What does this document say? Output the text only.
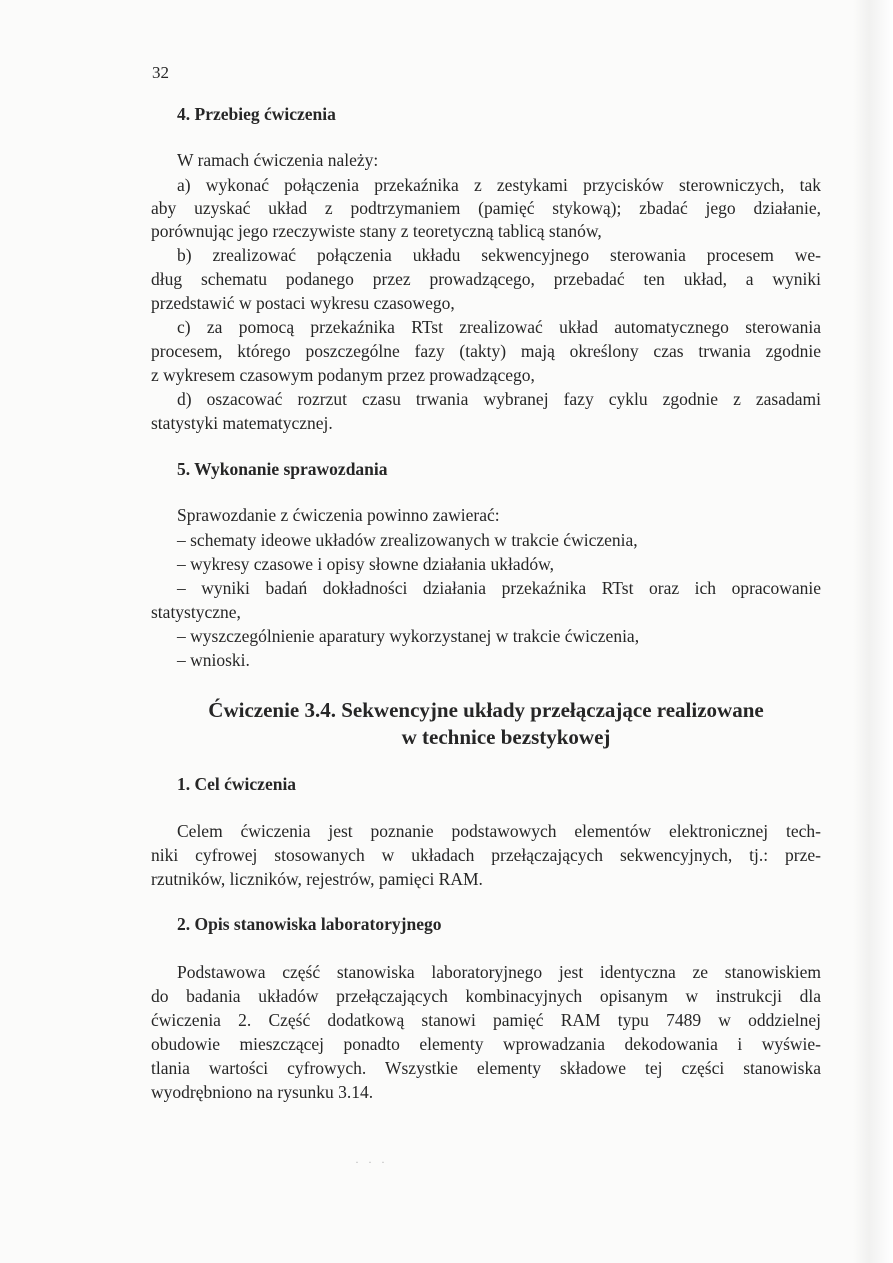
32
4. Przebieg ćwiczenia

W ramach ćwiczenia należy:

a) wykonać połączenia przekaźnika z zestykami przycisków sterowniczych, tak

aby uzyskać układ z podtrzymaniem (pamięć stykową); zbadać jego działanie,

porównując jego rzeczywiste stany z teoretyczną tablicą stanów,

b) zrealizować połączenia układu sekwencyjnego sterowania procesem we-

dług schematu podanego przez prowadzącego, przebadać ten układ, a wyniki

przedstawić w postaci wykresu czasowego,

c) za pomocą przekaźnika RTst zrealizować układ automatycznego sterowania

procesem, którego poszczególne fazy (takty) mają określony czas trwania zgodnie

z wykresem czasowym podanym przez prowadzącego,

d) oszacować rozrzut czasu trwania wybranej fazy cyklu zgodnie z zasadami

statystyki matematycznej.

5. Wykonanie sprawozdania

Sprawozdanie z ćwiczenia powinno zawierać:

– schematy ideowe układów zrealizowanych w trakcie ćwiczenia,

– wykresy czasowe i opisy słowne działania układów,

– wyniki badań dokładności działania przekaźnika RTst oraz ich opracowanie

statystyczne,

– wyszczególnienie aparatury wykorzystanej w trakcie ćwiczenia,

– wnioski.

Ćwiczenie 3.4. Sekwencyjne układy przełączające realizowane
w technice bezstykowej
1. Cel ćwiczenia

Celem ćwiczenia jest poznanie podstawowych elementów elektronicznej tech-

niki cyfrowej stosowanych w układach przełączających sekwencyjnych, tj.: prze-

rzutników, liczników, rejestrów, pamięci RAM.

2. Opis stanowiska laboratoryjnego

Podstawowa część stanowiska laboratoryjnego jest identyczna ze stanowiskiem

do badania układów przełączających kombinacyjnych opisanym w instrukcji dla

ćwiczenia 2. Część dodatkową stanowi pamięć RAM typu 7489 w oddzielnej

obudowie mieszczącej ponadto elementy wprowadzania dekodowania i wyświe-

tlania wartości cyfrowych. Wszystkie elementy składowe tej części stanowiska

wyodrębniono na rysunku 3.14.

· · ·
